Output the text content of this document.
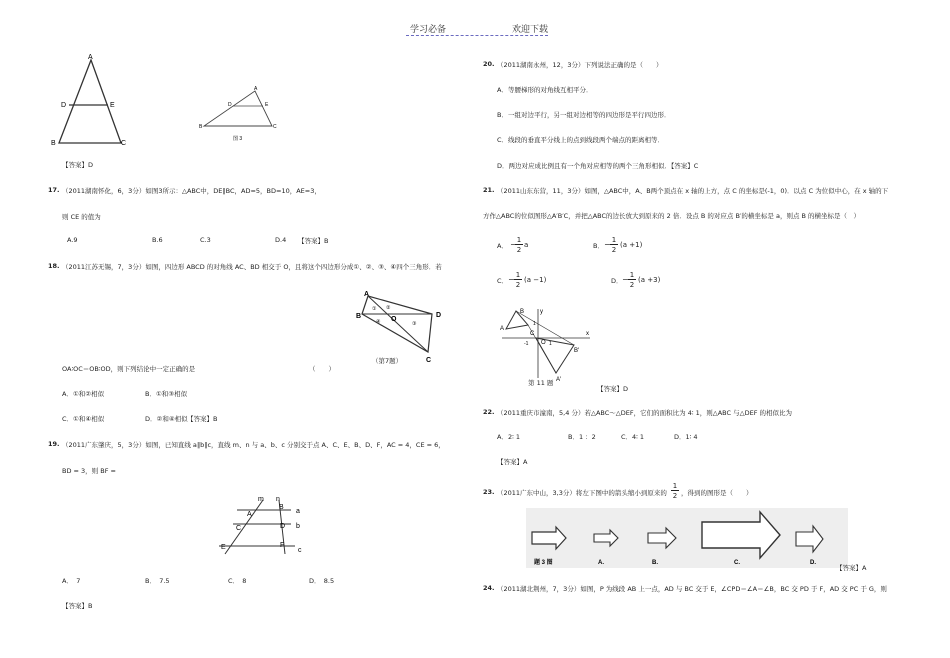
学习必备	欢迎下载
A
D	E
B	C
A
D	E
B	C
图 3
【答案】D
17. （2011湖南怀化，6，3分）如图3所示：△ABC中，DE∥BC，AD=5，BD=10，AE=3，
则 CE 的值为
A.9	B.6	C.3	D.4 【答案】B
18. （2011江苏无锡，7，3分）如图，四边形 ABCD 的对角线 AC、BD 相交于 O，且将这个四边形分成①、②、③、④四个三角形．若
A
B	O
D
C
① ②
③
④
（第7题）
OA∶OC＝OB∶OD，则下列结论中一定正确的是	（　　）
A．①和②相似	B．①和③相似
C．①和④相似	D．②和④相似 【答案】B
19. （2011广东肇庆，5，3分）如图，已知直线 a∥b∥c，直线 m、n 与 a、b、c 分别交于点 A、C、E、B、D、F，AC = 4，CE = 6，
BD = 3，则 BF =
m n
a
b
c
A
B
C	D
E	F
A．　7	B．　7.5	C．　8	D．　8.5
【答案】B
20. （2011湖南永州，12，3分）下列说法正确的是（　　）
A．等腰梯形的对角线互相平分．
B．一组对边平行，另一组对边相等的四边形是平行四边形．
C．线段的垂直平分线上的点到线段两个端点的距离相等．
D．两边对应成比例且有一个角对应相等的两个三角形相似．【答案】C
21. （2011山东东营，11，3分）如图，△ABC中，A、B两个顶点在 x 轴的上方，点 C 的坐标是(-1，0)．以点 C 为位似中心，在 x 轴的下
方作△ABC的位似图形△A′B′C，并把△ABC的边长放大到原来的 2 倍．设点 B 的对应点 B′的横坐标是 a，则点 B 的横坐标是（　）
A． − 1
2
a	B． − 1
2
(a +1)
C． − 1
2
(a −1)	D． − 1
2
(a +3)
y
x
A
B
C
O
B′
A′
1
-1	1
第 11 题
【答案】D
22. （2011重庆市潼南，5,4 分）若△ABC～△DEF，它们的面积比为 4∶ 1，则△ABC 与△DEF 的相似比为
A．2∶ 1	B．1 ：2	C．4∶ 1	D．1∶ 4
【答案】A
23. （2011广东中山，3,3分）将左下图中的箭头缩小到原来的
1
2 ，得到的图形是（　　）
题 3 图	A.	B.	C.	D.
【答案】A
24. （2011湖北荆州，7，3分）如图，P 为线段 AB 上一点，AD 与 BC 交于 E，∠CPD＝∠A＝∠B，BC 交 PD 于 F，AD 交 PC 于 G，则
